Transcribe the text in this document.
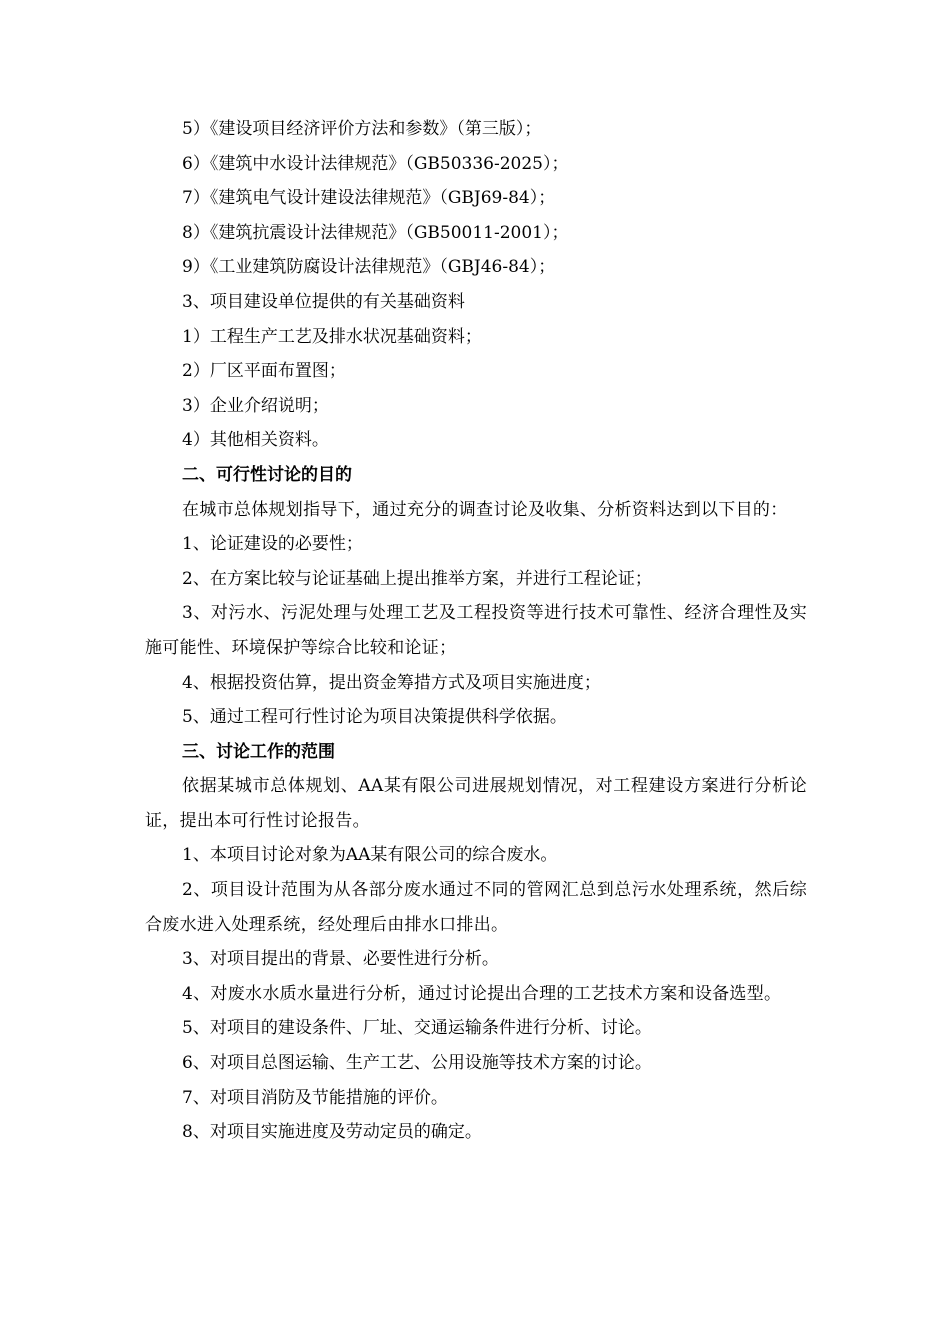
5）《建设项目经济评价方法和参数》（第三版）；
6）《建筑中水设计法律规范》（GB50336-2025）；
7）《建筑电气设计建设法律规范》（GBJ69-84）；
8）《建筑抗震设计法律规范》（GB50011-2001）；
9）《工业建筑防腐设计法律规范》（GBJ46-84）；
3、项目建设单位提供的有关基础资料
1）工程生产工艺及排水状况基础资料；
2）厂区平面布置图；
3）企业介绍说明；
4）其他相关资料。
二、可行性讨论的目的
在城市总体规划指导下，通过充分的调查讨论及收集、分析资料达到以下目的：
1、论证建设的必要性；
2、在方案比较与论证基础上提出推举方案，并进行工程论证；
3、对污水、污泥处理与处理工艺及工程投资等进行技术可靠性、经济合理性及实施可能性、环境保护等综合比较和论证；
4、根据投资估算，提出资金筹措方式及项目实施进度；
5、通过工程可行性讨论为项目决策提供科学依据。
三、讨论工作的范围
依据某城市总体规划、AA某有限公司进展规划情况，对工程建设方案进行分析论证，提出本可行性讨论报告。
1、本项目讨论对象为AA某有限公司的综合废水。
2、项目设计范围为从各部分废水通过不同的管网汇总到总污水处理系统，然后综合废水进入处理系统，经处理后由排水口排出。
3、对项目提出的背景、必要性进行分析。
4、对废水水质水量进行分析，通过讨论提出合理的工艺技术方案和设备选型。
5、对项目的建设条件、厂址、交通运输条件进行分析、讨论。
6、对项目总图运输、生产工艺、公用设施等技术方案的讨论。
7、对项目消防及节能措施的评价。
8、对项目实施进度及劳动定员的确定。
